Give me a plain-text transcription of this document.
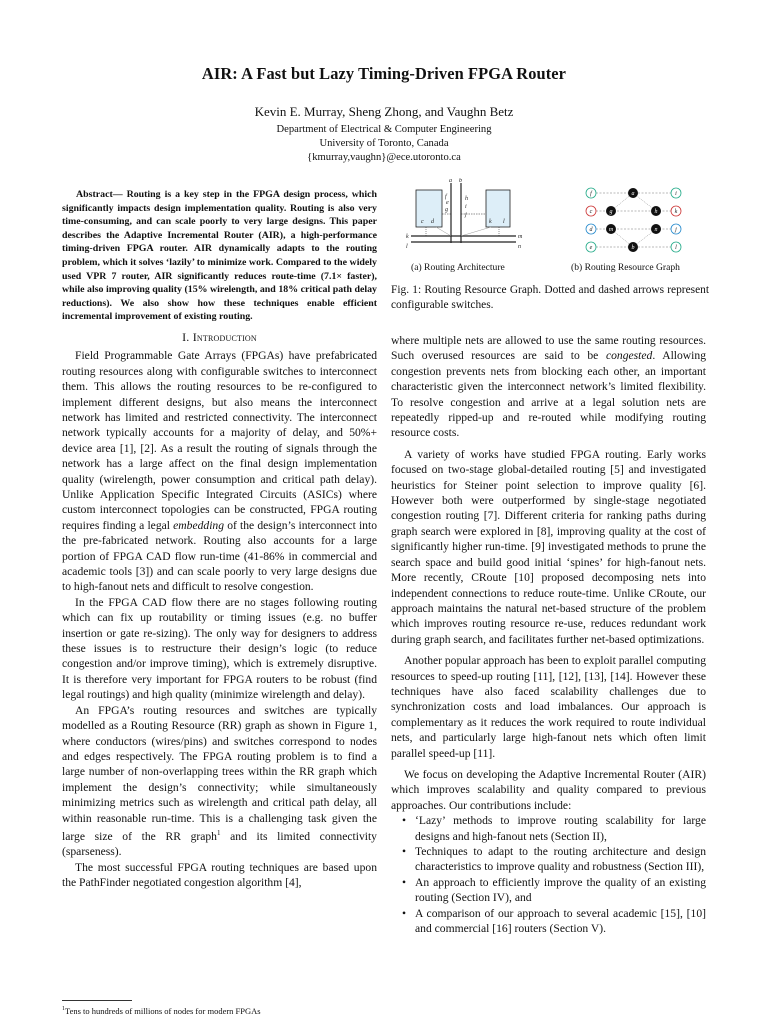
AIR: A Fast but Lazy Timing-Driven FPGA Router
Kevin E. Murray, Sheng Zhong, and Vaughn Betz
Department of Electrical & Computer Engineering
University of Toronto, Canada
{kmurray,vaughn}@ece.utoronto.ca

Abstract— Routing is a key step in the FPGA design process, which significantly impacts design implementation quality. Routing is also very time-consuming, and can scale poorly to very large designs. This paper describes the Adaptive Incremental Router (AIR), a high-performance timing-driven FPGA router. AIR dynamically adapts to the routing problem, which it solves ‘lazily’ to minimize work. Compared to the widely used VPR 7 router, AIR significantly reduces route-time (7.1× faster), while also improving quality (15% wirelength, and 18% critical path delay reductions). We also show how these techniques enable efficient incremental improvement of existing routing.

I. Introduction

Field Programmable Gate Arrays (FPGAs) have prefabricated routing resources along with configurable switches to interconnect them. This allows the routing resources to be re-configured to implement different designs, but also means the interconnect network has limited and restricted connectivity. The interconnect network typically accounts for a majority of delay, and 50%+ device area [1], [2]. As a result the routing of signals through the network has a large affect on the final design implementation quality (wirelength, power consumption and critical path delay). Unlike Application Specific Integrated Circuits (ASICs) where custom interconnect topologies can be constructed, FPGA routing requires finding a legal embedding of the design’s interconnect into the pre-fabricated network. Routing also accounts for a large portion of FPGA CAD flow run-time (41-86% in commercial and academic tools [3]) and can scale poorly to very large designs due to high-fanout nets and difficult to resolve congestion.

In the FPGA CAD flow there are no stages following routing which can fix up routability or timing issues (e.g. no buffer insertion or gate re-sizing). The only way for designers to address these issues is to restructure their design’s logic (to reduce congestion and/or improve timing), which is extremely disruptive. It is therefore very important for FPGA routers to be robust (find legal routings) and high quality (minimize wirelength and delay).

An FPGA’s routing resources and switches are typically modelled as a Routing Resource (RR) graph as shown in Figure 1, where conductors (wires/pins) and switches correspond to nodes and edges respectively. The FPGA routing problem is to find a large number of non-overlapping trees within the RR graph which implement the design’s connectivity; while simultaneously minimizing metrics such as wirelength and critical path delay, all within reasonable run-time. This is a challenging task given the large size of the RR graph$^1$ and its limited connectivity (sparseness).

The most successful FPGA routing techniques are based upon the PathFinder negotiated congestion algorithm [4],

$^1$Tens to hundreds of millions of nodes for modern FPGAs
a b
c d
e
f
g
h
i
j
k l
m
n
k
l
f	a	i
c	k
g
d
h
e	b
j
l
m	n
(a) Routing Architecture	(b) Routing Resource Graph
Fig. 1: Routing Resource Graph. Dotted and dashed arrows represent configurable switches.

where multiple nets are allowed to use the same routing resources. Such overused resources are said to be congested. Allowing congestion prevents nets from blocking each other, an important characteristic given the interconnect network’s limited flexibility. To resolve congestion and arrive at a legal solution nets are repeatedly ripped-up and re-routed while modifying routing resource costs.

A variety of works have studied FPGA routing. Early works focused on two-stage global-detailed routing [5] and investigated heuristics for Steiner point selection to improve quality [6]. However both were outperformed by single-stage negotiated congestion routing [7]. Different criteria for ranking paths during graph search were explored in [8], improving quality at the cost of significantly higher run-time. [9] investigated methods to prune the search space and build good initial ‘spines’ for high-fanout nets. More recently, CRoute [10] proposed decomposing nets into independent connections to reduce route-time. Unlike CRoute, our approach maintains the natural net-based structure of the problem which improves routing resource re-use, reduces redundant work during graph search, and facilitates further net-based optimizations.

Another popular approach has been to exploit parallel computing resources to speed-up routing [11], [12], [13], [14]. However these techniques have also faced scalability challenges due to synchronization costs and load imbalances. Our approach is complementary as it reduces the work required to route individual nets, and particularly large high-fanout nets which often limit parallel speed-up [11].

We focus on developing the Adaptive Incremental Router (AIR) which improves scalability and quality compared to previous approaches. Our contributions include:

• ‘Lazy’ methods to improve routing scalability for large designs and high-fanout nets (Section II),
• Techniques to adapt to the routing architecture and design characteristics to improve quality and robustness (Section III),
• An approach to efficiently improve the quality of an existing routing (Section IV), and
• A comparison of our approach to several academic [15], [10] and commercial [16] routers (Section V).
